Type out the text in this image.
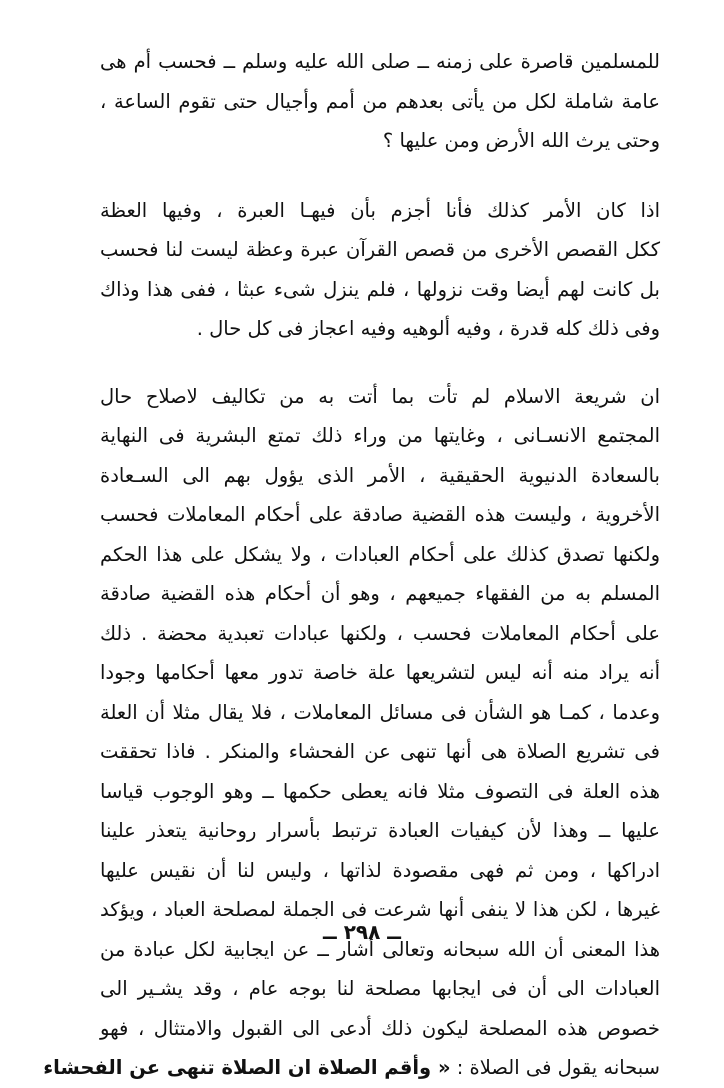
للمسلمين قاصرة على زمنه ــ صلى الله عليه وسلم ــ فحسب أم هى
عامة شاملة لكل من يأتى بعدهم من أمم وأجيال حتى تقوم الساعة ،
وحتى يرث الله الأرض ومن عليها ؟
اذا كان الأمر كذلك فأنا أجزم بأن فيهـا العبرة ، وفيها العظة
ككل القصص الأخرى من قصص القرآن عبرة وعظة ليست لنا فحسب
بل كانت لهم أيضا وقت نزولها ، فلم ينزل شىء عبثا ، ففى هذا وذاك
وفى ذلك كله قدرة ، وفيه ألوهيه وفيه اعجاز فى كل حال .
ان شريعة الاسلام لم تأت بما أتت به من تكاليف لاصلاح حال
المجتمع الانسـانى ، وغايتها من وراء ذلك تمتع البشرية فى النهاية
بالسعادة الدنيوية الحقيقية ، الأمر الذى يؤول بهم الى السـعادة
الأخروية ، وليست هذه القضية صادقة على أحكام المعاملات فحسب
ولكنها تصدق كذلك على أحكام العبادات ، ولا يشكل على هذا الحكم
المسلم به من الفقهاء جميعهم ، وهو أن أحكام هذه القضية صادقة
على أحكام المعاملات فحسب ، ولكنها عبادات تعبدية محضة . ذلك
أنه يراد منه أنه ليس لتشريعها علة خاصة تدور معها أحكامها وجودا
وعدما ، كمـا هو الشأن فى مسائل المعاملات ، فلا يقال مثلا أن العلة
فى تشريع الصلاة هى أنها تنهى عن الفحشاء والمنكر . فاذا تحققت
هذه العلة فى التصوف مثلا فانه يعطى حكمها ــ وهو الوجوب قياسا
عليها ــ وهذا لأن كيفيات العبادة ترتبط بأسرار روحانية يتعذر علينا
ادراكها ، ومن ثم فهى مقصودة لذاتها ، وليس لنا أن نقيس عليها
غيرها ، لكن هذا لا ينفى أنها شرعت فى الجملة لمصلحة العباد ، ويؤكد
هذا المعنى أن الله سبحانه وتعالى أشار ــ عن ايجابية لكل عبادة من
العبادات الى أن فى ايجابها مصلحة لنا بوجه عام ، وقد يشـير الى
خصوص هذه المصلحة ليكون ذلك أدعى الى القبول والامتثال ، فهو
سبحانه يقول فى الصلاة : « وأقم الصلاة ان الصلاة تنهى عن الفحشاء
ــ ٢٩٨ ــ
